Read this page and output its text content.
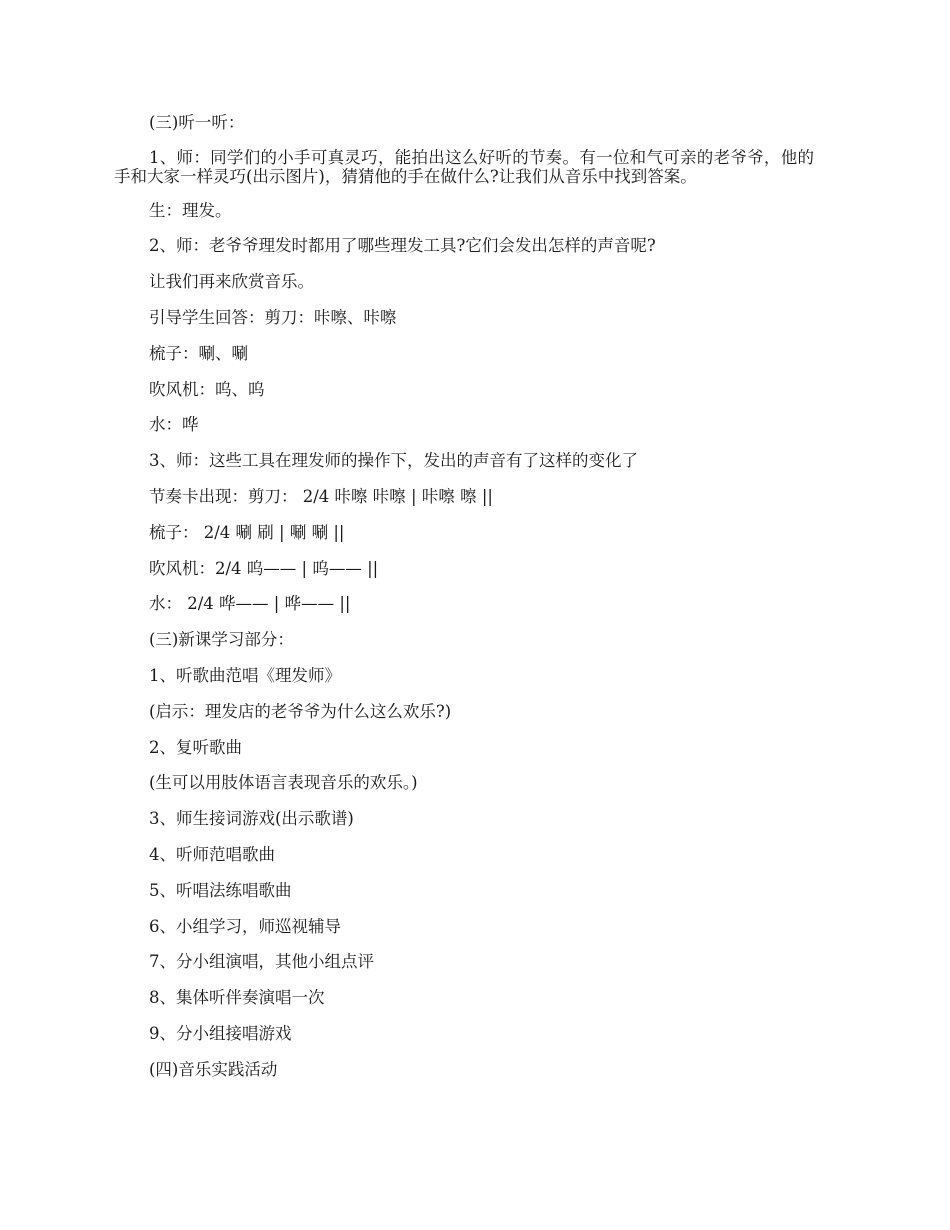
(三)听一听：

1、师：同学们的小手可真灵巧，能拍出这么好听的节奏。有一位和气可亲的老爷爷，他的手和大家一样灵巧(出示图片)，猜猜他的手在做什么?让我们从音乐中找到答案。

生：理发。

2、师：老爷爷理发时都用了哪些理发工具?它们会发出怎样的声音呢?

让我们再来欣赏音乐。

引导学生回答：剪刀：咔嚓、咔嚓

梳子：唰、唰

吹风机：呜、呜

水：哗

3、师：这些工具在理发师的操作下，发出的声音有了这样的变化了

节奏卡出现：剪刀： 2/4 咔嚓 咔嚓 | 咔嚓 嚓 ||

梳子： 2/4 唰 刷 | 唰 唰 ||

吹风机：2/4 呜—— | 呜—— ||

水： 2/4 哗—— | 哗—— ||

(三)新课学习部分：

1、听歌曲范唱《理发师》

(启示：理发店的老爷爷为什么这么欢乐?)

2、复听歌曲

(生可以用肢体语言表现音乐的欢乐。)

3、师生接词游戏(出示歌谱)

4、听师范唱歌曲

5、听唱法练唱歌曲

6、小组学习，师巡视辅导

7、分小组演唱，其他小组点评

8、集体听伴奏演唱一次

9、分小组接唱游戏

(四)音乐实践活动
